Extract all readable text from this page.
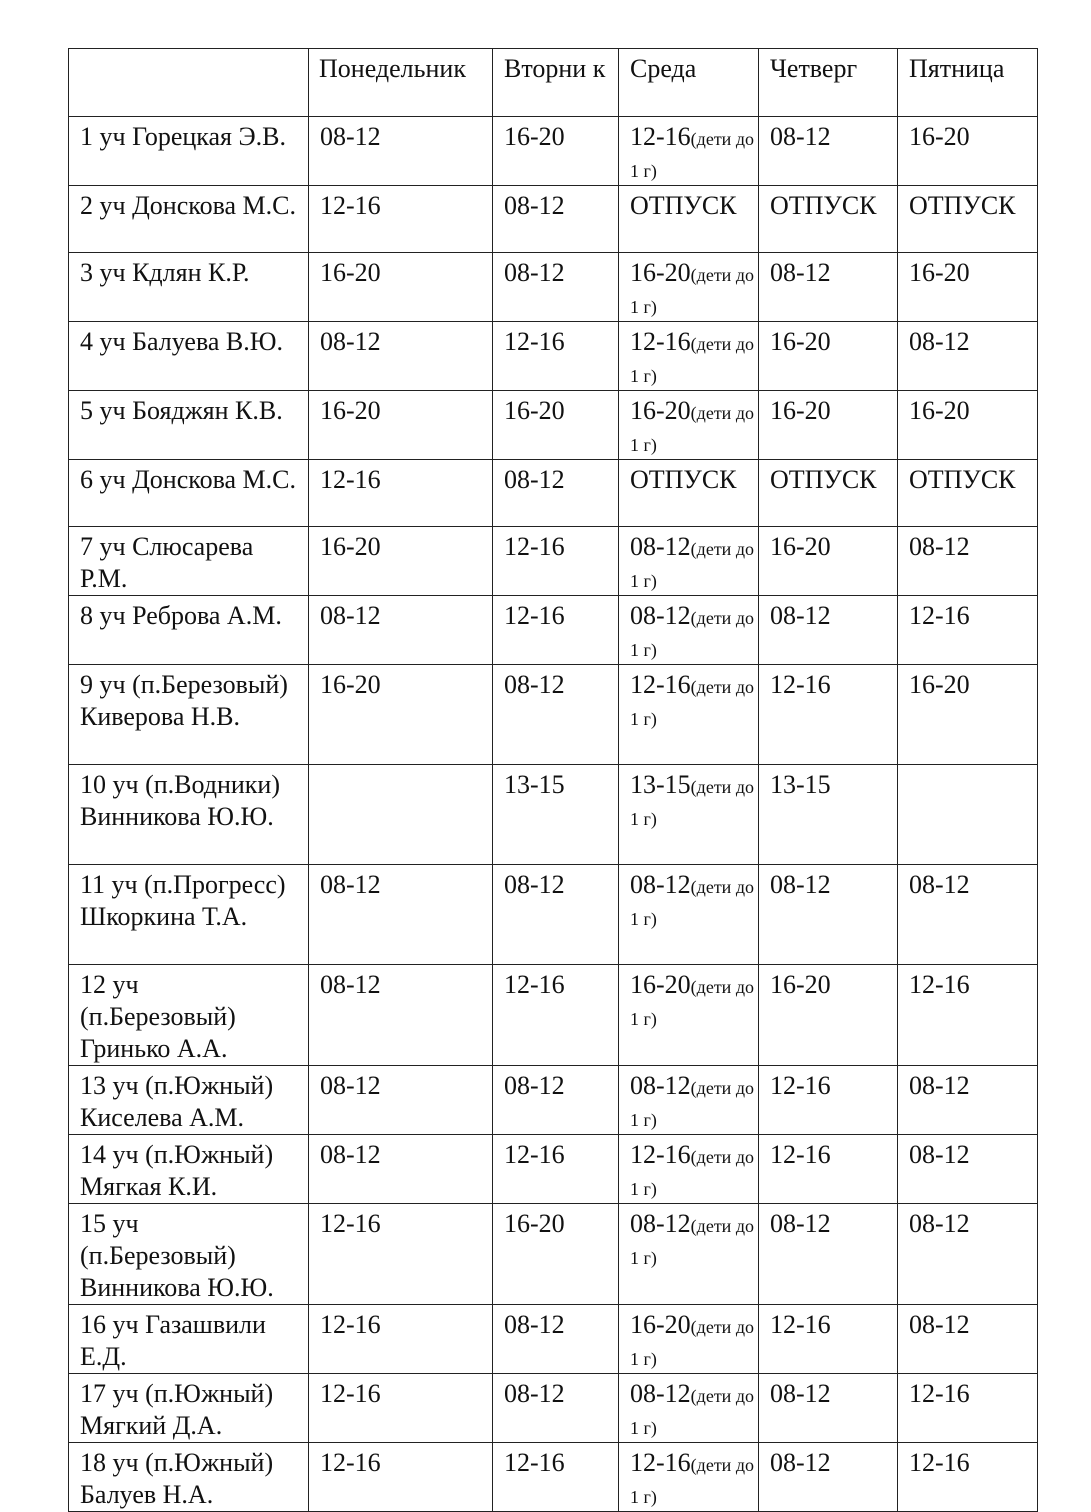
	Понедельник	Вторни к	Среда	Четверг	Пятница
1 уч Горецкая Э.В.	08-12	16-20	12-16(дети до 1 г)	08-12	16-20
2 уч Донскова М.С.	12-16	08-12	ОТПУСК	ОТПУСК	ОТПУСК
3 уч Кдлян К.Р.	16-20	08-12	16-20(дети до 1 г)	08-12	16-20
4 уч Балуева В.Ю.	08-12	12-16	12-16(дети до 1 г)	16-20	08-12
5 уч Бояджян К.В.	16-20	16-20	16-20(дети до 1 г)	16-20	16-20
6 уч Донскова М.С.	12-16	08-12	ОТПУСК	ОТПУСК	ОТПУСК
7 уч Слюсарева Р.М.	16-20	12-16	08-12(дети до 1 г)	16-20	08-12
8 уч Реброва А.М.	08-12	12-16	08-12(дети до 1 г)	08-12	12-16
9 уч (п.Березовый) Киверова Н.В.	16-20	08-12	12-16(дети до 1 г)	12-16	16-20
10 уч (п.Водники) Винникова Ю.Ю.		13-15	13-15(дети до 1 г)	13-15	
11 уч (п.Прогресс) Шкоркина Т.А.	08-12	08-12	08-12(дети до 1 г)	08-12	08-12
12 уч (п.Березовый) Гринько А.А.	08-12	12-16	16-20(дети до 1 г)	16-20	12-16
13 уч (п.Южный) Киселева А.М.	08-12	08-12	08-12(дети до 1 г)	12-16	08-12
14 уч (п.Южный) Мягкая К.И.	08-12	12-16	12-16(дети до 1 г)	12-16	08-12
15 уч (п.Березовый) Винникова Ю.Ю.	12-16	16-20	08-12(дети до 1 г)	08-12	08-12
16 уч Газашвили Е.Д.	12-16	08-12	16-20(дети до 1 г)	12-16	08-12
17 уч (п.Южный) Мягкий Д.А.	12-16	08-12	08-12(дети до 1 г)	08-12	12-16
18 уч (п.Южный) Балуев Н.А.	12-16	12-16	12-16(дети до 1 г)	08-12	12-16
